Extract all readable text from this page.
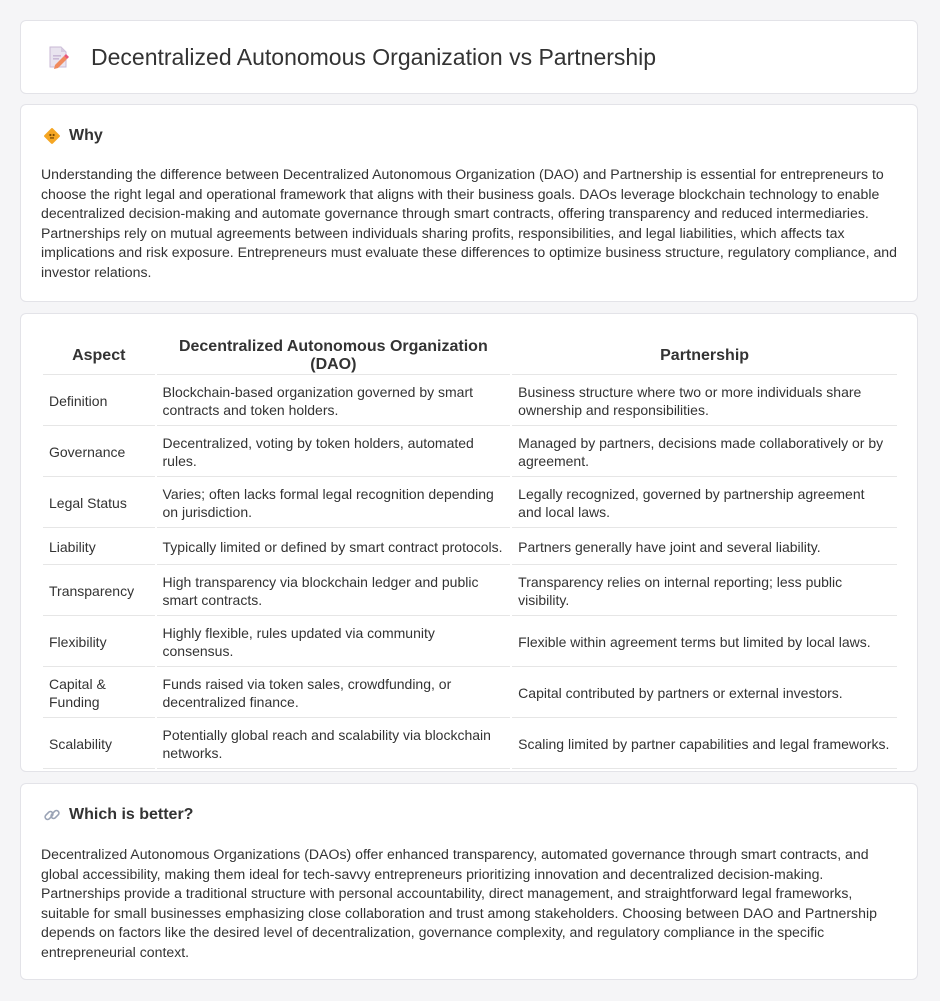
Decentralized Autonomous Organization vs Partnership
Why

Understanding the difference between Decentralized Autonomous Organization (DAO) and Partnership is essential for entrepreneurs to choose the right legal and operational framework that aligns with their business goals. DAOs leverage blockchain technology to enable decentralized decision-making and automate governance through smart contracts, offering transparency and reduced intermediaries. Partnerships rely on mutual agreements between individuals sharing profits, responsibilities, and legal liabilities, which affects tax implications and risk exposure. Entrepreneurs must evaluate these differences to optimize business structure, regulatory compliance, and investor relations.

Aspect	Decentralized Autonomous Organization (DAO)	Partnership
Definition	Blockchain-based organization governed by smart contracts and token holders.	Business structure where two or more individuals share ownership and responsibilities.
Governance	Decentralized, voting by token holders, automated rules.	Managed by partners, decisions made collaboratively or by agreement.
Legal Status	Varies; often lacks formal legal recognition depending on jurisdiction.	Legally recognized, governed by partnership agreement and local laws.
Liability	Typically limited or defined by smart contract protocols.	Partners generally have joint and several liability.
Transparency	High transparency via blockchain ledger and public smart contracts.	Transparency relies on internal reporting; less public visibility.
Flexibility	Highly flexible, rules updated via community consensus.	Flexible within agreement terms but limited by local laws.
Capital & Funding	Funds raised via token sales, crowdfunding, or decentralized finance.	Capital contributed by partners or external investors.
Scalability	Potentially global reach and scalability via blockchain networks.	Scaling limited by partner capabilities and legal frameworks.
Which is better?

Decentralized Autonomous Organizations (DAOs) offer enhanced transparency, automated governance through smart contracts, and global accessibility, making them ideal for tech-savvy entrepreneurs prioritizing innovation and decentralized decision-making. Partnerships provide a traditional structure with personal accountability, direct management, and straightforward legal frameworks, suitable for small businesses emphasizing close collaboration and trust among stakeholders. Choosing between DAO and Partnership depends on factors like the desired level of decentralization, governance complexity, and regulatory compliance in the specific entrepreneurial context.
